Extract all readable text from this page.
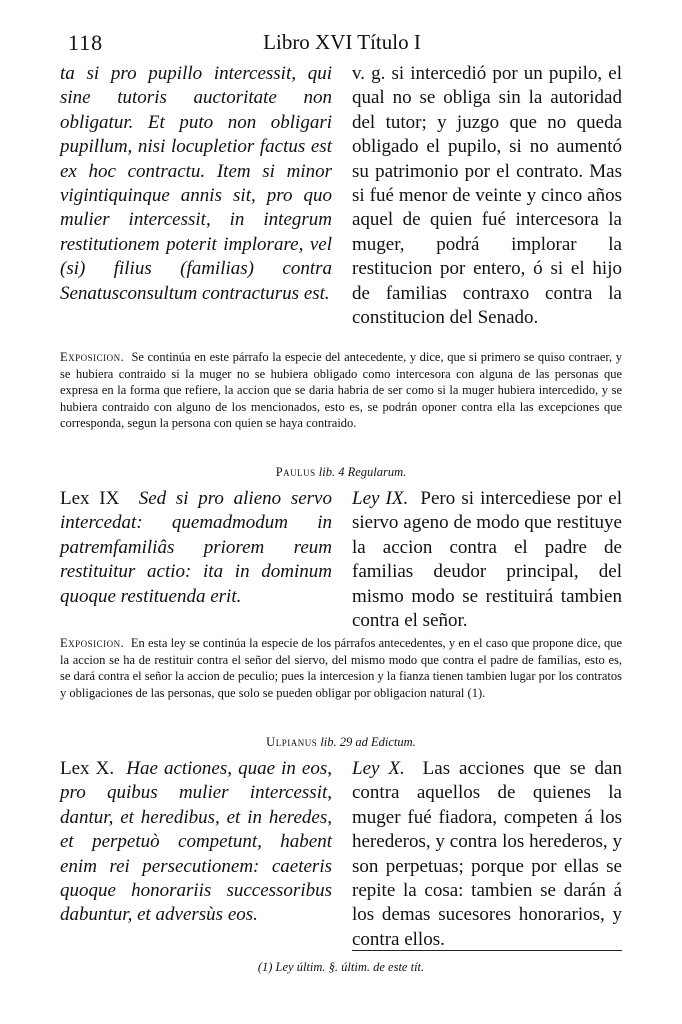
118	Libro XVI Título I

ta si pro pupillo intercessit, qui sine tutoris auctoritate non obligatur. Et puto non obligari pupillum, nisi locupletior factus est ex hoc contractu. Item si minor vigintiquinque annis sit, pro quo mulier intercessit, in integrum restitutionem poterit implorare, vel (si) filius (familias) contra Senatusconsultum contracturus est.

v. g. si intercedió por un pupilo, el qual no se obliga sin la autoridad del tutor; y juzgo que no queda obligado el pupilo, si no aumentó su patrimonio por el contrato. Mas si fué menor de veinte y cinco años aquel de quien fué intercesora la muger, podrá implorar la restitucion por entero, ó si el hijo de familias contraxo contra la constitucion del Senado.

Exposicion. Se continúa en este párrafo la especie del antecedente, y dice, que si primero se quiso contraer, y se hubiera contraido si la muger no se hubiera obligado como intercesora con alguna de las personas que expresa en la forma que refiere, la accion que se daria habria de ser como si la muger hubiera intercedido, y se hubiera contraido con alguno de los mencionados, esto es, se podrán oponer contra ella las excepciones que corresponda, segun la persona con quien se haya contraido.

Paulus lib. 4 Regularum.

Lex IX Sed si pro alieno servo intercedat: quemadmodum in patremfamiliâs priorem reum restituitur actio: ita in dominum quoque restituenda erit.

Ley IX. Pero si intercediese por el siervo ageno de modo que restituye la accion contra el padre de familias deudor principal, del mismo modo se restituirá tambien contra el señor.

Exposicion. En esta ley se continúa la especie de los párrafos antecedentes, y en el caso que propone dice, que la accion se ha de restituir contra el señor del siervo, del mismo modo que contra el padre de familias, esto es, se dará contra el señor la accion de peculio; pues la intercesion y la fianza tienen tambien lugar por los contratos y obligaciones de las personas, que solo se pueden obligar por obligacion natural (1).

Ulpianus lib. 29 ad Edictum.

Lex X. Hae actiones, quae in eos, pro quibus mulier intercessit, dantur, et heredibus, et in heredes, et perpetuò competunt, habent enim rei persecutionem: caeteris quoque honorariis successoribus dabuntur, et adversùs eos.

Ley X. Las acciones que se dan contra aquellos de quienes la muger fué fiadora, competen á los herederos, y contra los herederos, y son perpetuas; porque por ellas se repite la cosa: tambien se darán á los demas sucesores honorarios, y contra ellos.

(1) Ley últim. §. últim. de este tít.
